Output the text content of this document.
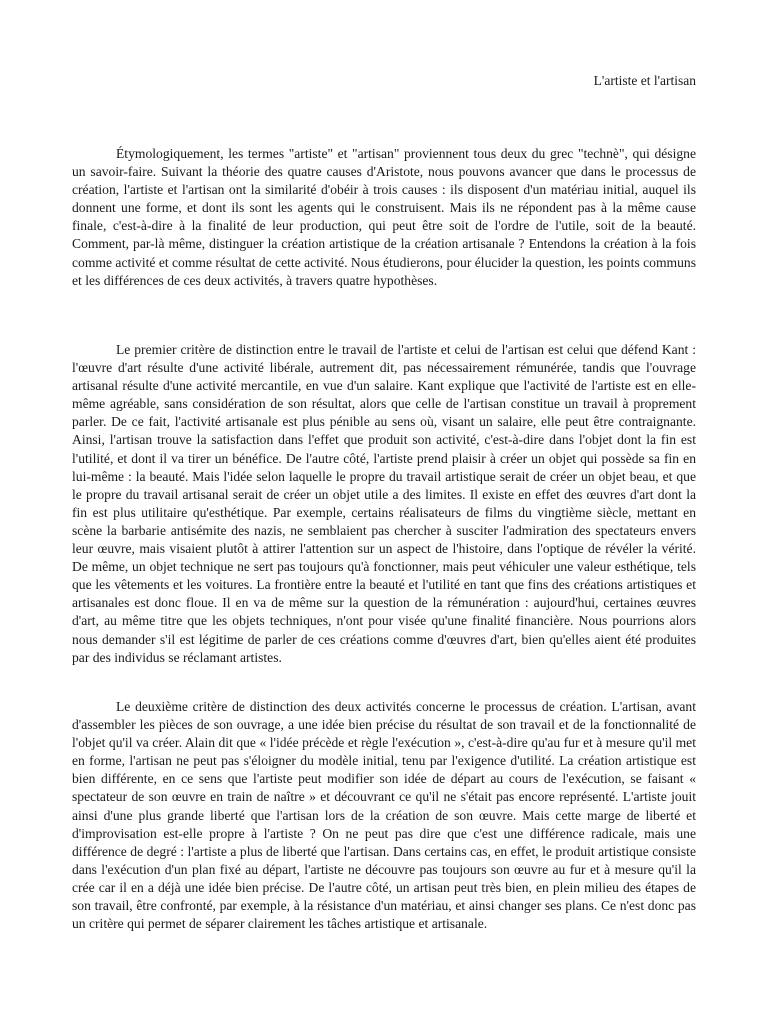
L'artiste et l'artisan

Étymologiquement, les termes "artiste" et "artisan" proviennent tous deux du grec "technè", qui désigne un savoir-faire. Suivant la théorie des quatre causes d'Aristote, nous pouvons avancer que dans le processus de création, l'artiste et l'artisan ont la similarité d'obéir à trois causes : ils disposent d'un matériau initial, auquel ils donnent une forme, et dont ils sont les agents qui le construisent. Mais ils ne répondent pas à la même cause finale, c'est-à-dire à la finalité de leur production, qui peut être soit de l'ordre de l'utile, soit de la beauté. Comment, par-là même, distinguer la création artistique de la création artisanale ? Entendons la création à la fois comme activité et comme résultat de cette activité. Nous étudierons, pour élucider la question, les points communs et les différences de ces deux activités, à travers quatre hypothèses.

Le premier critère de distinction entre le travail de l'artiste et celui de l'artisan est celui que défend Kant : l'œuvre d'art résulte d'une activité libérale, autrement dit, pas nécessairement rémunérée, tandis que l'ouvrage artisanal résulte d'une activité mercantile, en vue d'un salaire. Kant explique que l'activité de l'artiste est en elle-même agréable, sans considération de son résultat, alors que celle de l'artisan constitue un travail à proprement parler. De ce fait, l'activité artisanale est plus pénible au sens où, visant un salaire, elle peut être contraignante. Ainsi, l'artisan trouve la satisfaction dans l'effet que produit son activité, c'est-à-dire dans l'objet dont la fin est l'utilité, et dont il va tirer un bénéfice. De l'autre côté, l'artiste prend plaisir à créer un objet qui possède sa fin en lui-même : la beauté. Mais l'idée selon laquelle le propre du travail artistique serait de créer un objet beau, et que le propre du travail artisanal serait de créer un objet utile a des limites. Il existe en effet des œuvres d'art dont la fin est plus utilitaire qu'esthétique. Par exemple, certains réalisateurs de films du vingtième siècle, mettant en scène la barbarie antisémite des nazis, ne semblaient pas chercher à susciter l'admiration des spectateurs envers leur œuvre, mais visaient plutôt à attirer l'attention sur un aspect de l'histoire, dans l'optique de révéler la vérité. De même, un objet technique ne sert pas toujours qu'à fonctionner, mais peut véhiculer une valeur esthétique, tels que les vêtements et les voitures. La frontière entre la beauté et l'utilité en tant que fins des créations artistiques et artisanales est donc floue. Il en va de même sur la question de la rémunération : aujourd'hui, certaines œuvres d'art, au même titre que les objets techniques, n'ont pour visée qu'une finalité financière. Nous pourrions alors nous demander s'il est légitime de parler de ces créations comme d'œuvres d'art, bien qu'elles aient été produites par des individus se réclamant artistes.

Le deuxième critère de distinction des deux activités concerne le processus de création. L'artisan, avant d'assembler les pièces de son ouvrage, a une idée bien précise du résultat de son travail et de la fonctionnalité de l'objet qu'il va créer. Alain dit que « l'idée précède et règle l'exécution », c'est-à-dire qu'au fur et à mesure qu'il met en forme, l'artisan ne peut pas s'éloigner du modèle initial, tenu par l'exigence d'utilité. La création artistique est bien différente, en ce sens que l'artiste peut modifier son idée de départ au cours de l'exécution, se faisant « spectateur de son œuvre en train de naître » et découvrant ce qu'il ne s'était pas encore représenté. L'artiste jouit ainsi d'une plus grande liberté que l'artisan lors de la création de son œuvre. Mais cette marge de liberté et d'improvisation est-elle propre à l'artiste ? On ne peut pas dire que c'est une différence radicale, mais une différence de degré : l'artiste a plus de liberté que l'artisan. Dans certains cas, en effet, le produit artistique consiste dans l'exécution d'un plan fixé au départ, l'artiste ne découvre pas toujours son œuvre au fur et à mesure qu'il la crée car il en a déjà une idée bien précise. De l'autre côté, un artisan peut très bien, en plein milieu des étapes de son travail, être confronté, par exemple, à la résistance d'un matériau, et ainsi changer ses plans. Ce n'est donc pas un critère qui permet de séparer clairement les tâches artistique et artisanale.
